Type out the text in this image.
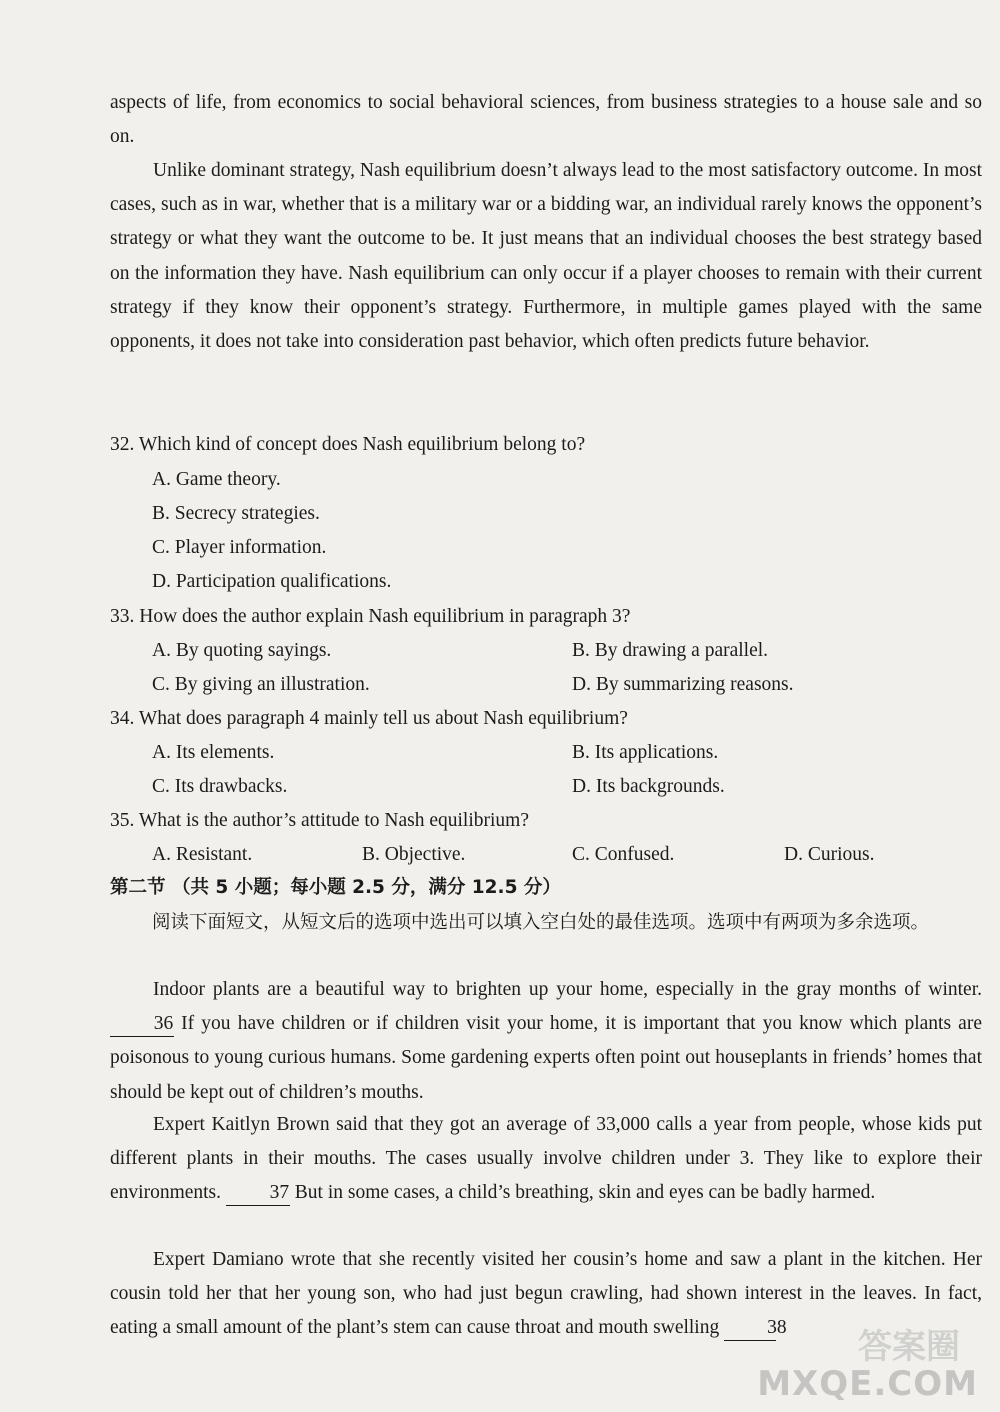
aspects of life, from economics to social behavioral sciences, from business strategies to a house sale and so on.

Unlike dominant strategy, Nash equilibrium doesn’t always lead to the most satisfactory outcome. In most cases, such as in war, whether that is a military war or a bidding war, an individual rarely knows the opponent’s strategy or what they want the outcome to be. It just means that an individual chooses the best strategy based on the information they have. Nash equilibrium can only occur if a player chooses to remain with their current strategy if they know their opponent’s strategy. Furthermore, in multiple games played with the same opponents, it does not take into consideration past behavior, which often predicts future behavior.

32. Which kind of concept does Nash equilibrium belong to?

A. Game theory.

B. Secrecy strategies.

C. Player information.

D. Participation qualifications.

33. How does the author explain Nash equilibrium in paragraph 3?

A. By quoting sayings.	B. By drawing a parallel.

C. By giving an illustration.	D. By summarizing reasons.

34. What does paragraph 4 mainly tell us about Nash equilibrium?

A. Its elements.	B. Its applications.

C. Its drawbacks.	D. Its backgrounds.

35. What is the author’s attitude to Nash equilibrium?

A. Resistant.	B. Objective.	C. Confused.	D. Curious.

第二节 （共 5 小题；每小题 2.5 分，满分 12.5 分）

阅读下面短文，从短文后的选项中选出可以填入空白处的最佳选项。选项中有两项为多余选项。

Indoor plants are a beautiful way to brighten up your home, especially in the gray months of winter. 36 If you have children or if children visit your home, it is important that you know which plants are poisonous to young curious humans. Some gardening experts often point out houseplants in friends’ homes that should be kept out of children’s mouths.

Expert Kaitlyn Brown said that they got an average of 33,000 calls a year from people, whose kids put different plants in their mouths. The cases usually involve children under 3. They like to explore their environments. 37 But in some cases, a child’s breathing, skin and eyes can be badly harmed.

Expert Damiano wrote that she recently visited her cousin’s home and saw a plant in the kitchen. Her cousin told her that her young son, who had just begun crawling, had shown interest in the leaves. In fact, eating a small amount of the plant’s stem can cause throat and mouth swelling 38	答案圈
MXQE.COM
